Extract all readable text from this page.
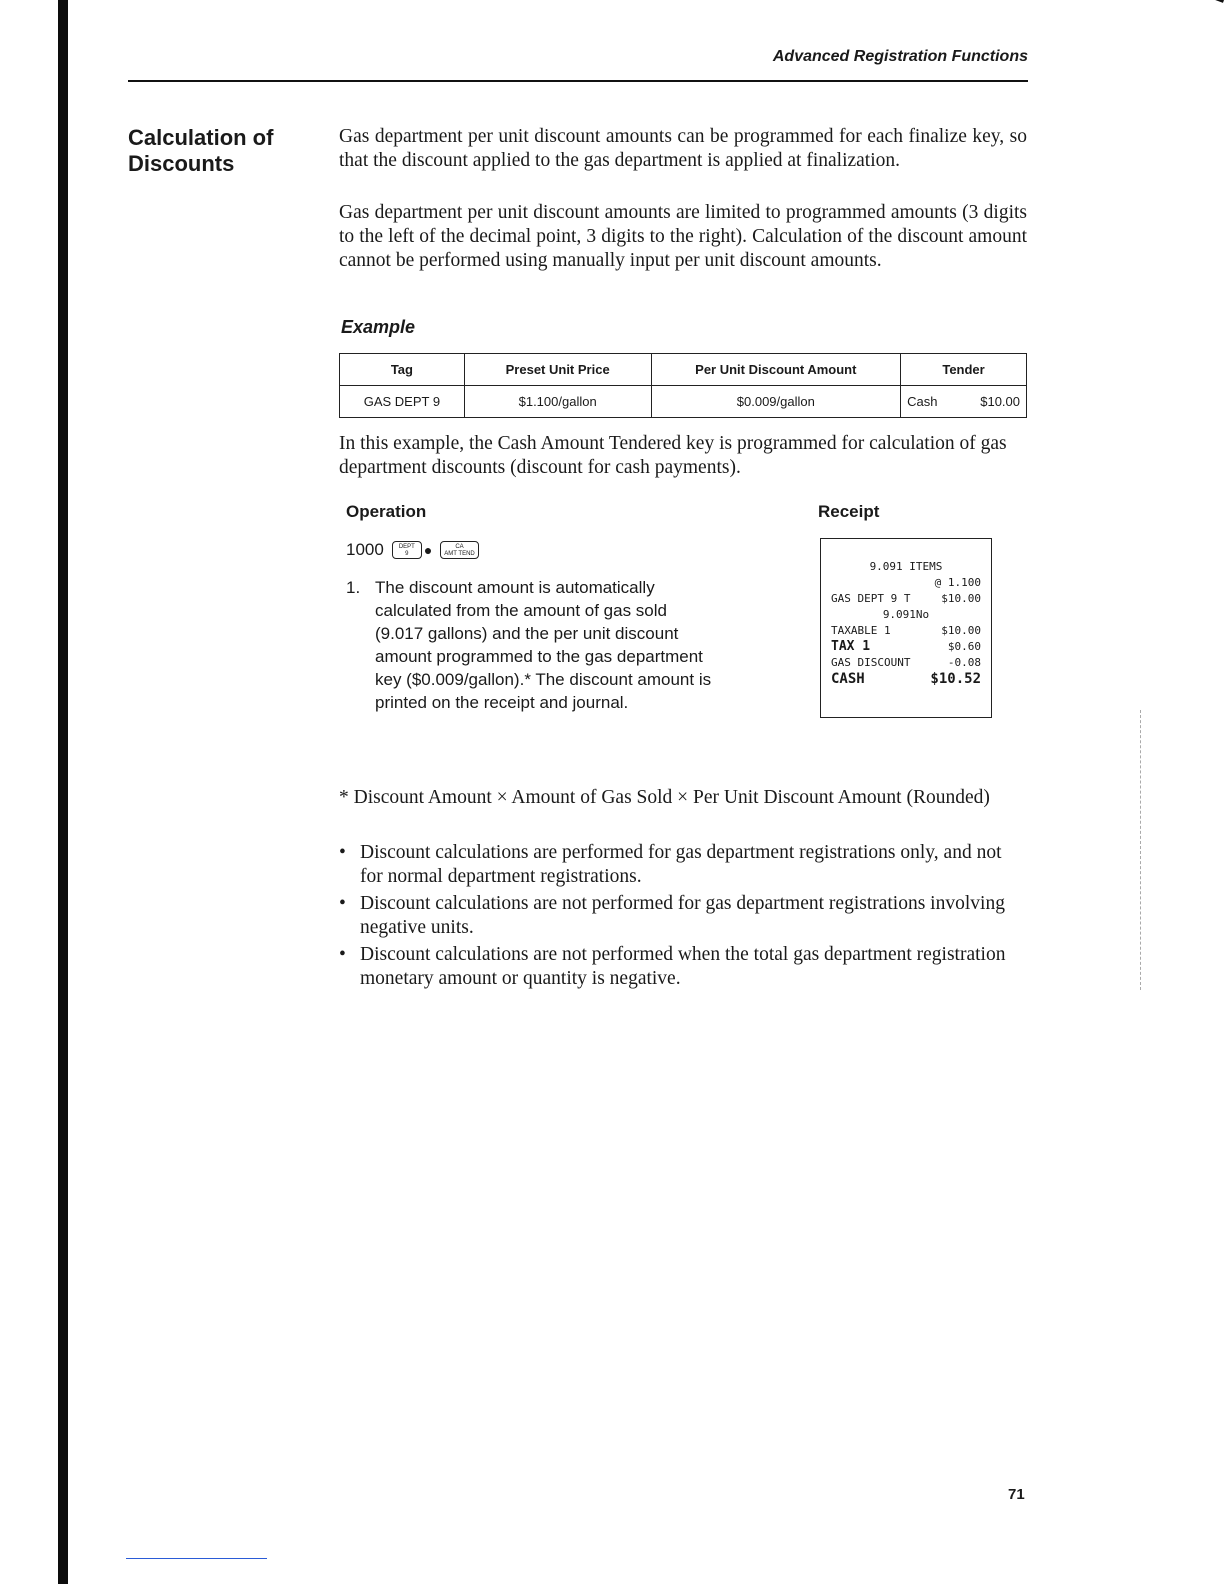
Advanced Registration Functions
Calculation of Discounts

Gas department per unit discount amounts can be programmed for each finalize key, so that the discount applied to the gas department is applied at finalization.

Gas department per unit discount amounts are limited to programmed amounts (3 digits to the left of the decimal point, 3 digits to the right). Calculation of the discount amount cannot be performed using manually input per unit discount amounts.

Example
Tag	Preset Unit Price	Per Unit Discount Amount	Tender
GAS DEPT 9	$1.100/gallon	$0.009/gallon	Cash $10.00

In this example, the Cash Amount Tendered key is programmed for calculation of gas department discounts (discount for cash payments).

Operation	Receipt
1000	DEPT
9	●	CA
AMT TEND
1. The discount amount is automatically calculated from the amount of gas sold (9.017 gallons) and the per unit discount amount programmed to the gas department key ($0.009/gallon).* The discount amount is printed on the receipt and journal.
9.091 ITEMS
@ 1.100
GAS DEPT 9 T	$10.00
9.091No
TAXABLE 1	$10.00
TAX 1	$0.60
GAS DISCOUNT	-0.08
CASH	$10.52

* Discount Amount × Amount of Gas Sold × Per Unit Discount Amount (Rounded)

• Discount calculations are performed for gas department registrations only, and not for normal department registrations.
• Discount calculations are not performed for gas department registrations involving negative units.
• Discount calculations are not performed when the total gas department registration monetary amount or quantity is negative.
71
